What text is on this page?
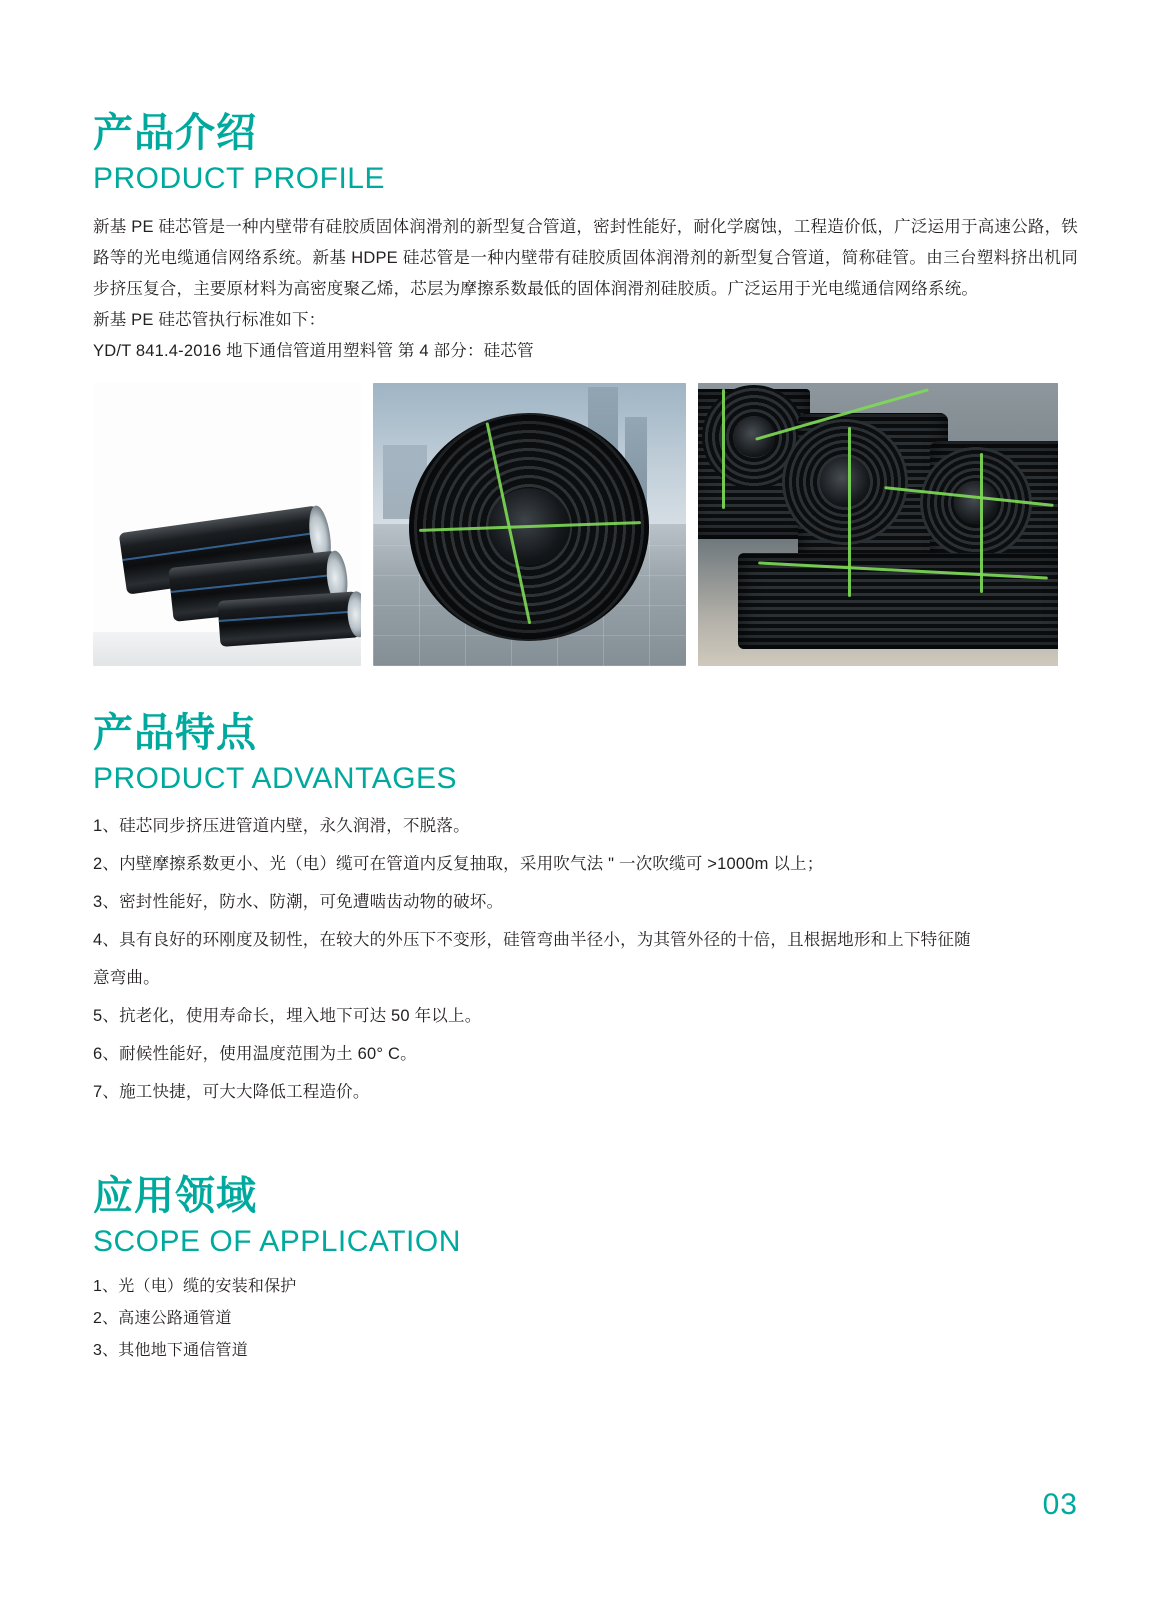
产品介绍
PRODUCT PROFILE

新基 PE 硅芯管是一种内壁带有硅胶质固体润滑剂的新型复合管道，密封性能好，耐化学腐蚀，工程造价低，广泛运用于高速公路，铁路等的光电缆通信网络系统。新基 HDPE 硅芯管是一种内壁带有硅胶质固体润滑剂的新型复合管道，简称硅管。由三台塑料挤出机同步挤压复合，主要原材料为高密度聚乙烯，芯层为摩擦系数最低的固体润滑剂硅胶质。广泛运用于光电缆通信网络系统。

新基 PE 硅芯管执行标准如下：

YD/T 841.4-2016 地下通信管道用塑料管 第 4 部分：硅芯管

产品特点
PRODUCT ADVANTAGES
1、硅芯同步挤压进管道内壁，永久润滑，不脱落。
2、内壁摩擦系数更小、光（电）缆可在管道内反复抽取，采用吹气法 " 一次吹缆可 >1000m 以上；
3、密封性能好，防水、防潮，可免遭啮齿动物的破坏。
4、具有良好的环刚度及韧性，在较大的外压下不变形，硅管弯曲半径小，为其管外径的十倍，且根据地形和上下特征随
意弯曲。
5、抗老化，使用寿命长，埋入地下可达 50 年以上。
6、耐候性能好，使用温度范围为土 60° C。
7、施工快捷，可大大降低工程造价。
应用领域
SCOPE OF APPLICATION
1、光（电）缆的安装和保护
2、高速公路通管道
3、其他地下通信管道
03
